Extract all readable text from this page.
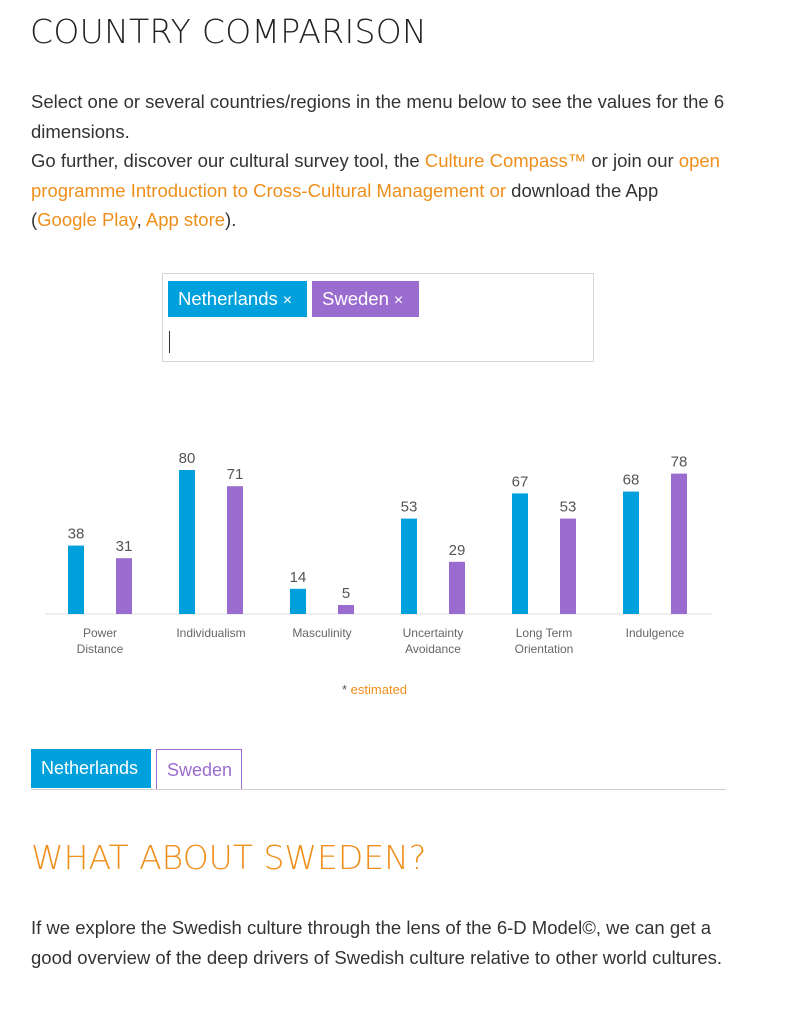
COUNTRY COMPARISON

Select one or several countries/regions in the menu below to see the values for the 6 dimensions.
Go further, discover our cultural survey tool, the Culture Compass™ or join our open programme Introduction to Cross-Cultural Management or download the App
(Google Play, App store).

Netherlands ×	Sweden ×
38
31
Power
Distance
80
71
Individualism
14
5
Masculinity
53
29
Uncertainty
Avoidance
67
53
Long Term
Orientation
68
78
Indulgence
* estimated
Netherlands	Sweden
WHAT ABOUT SWEDEN?

If we explore the Swedish culture through the lens of the 6-D Model©, we can get a good overview of the deep drivers of Swedish culture relative to other world cultures.
